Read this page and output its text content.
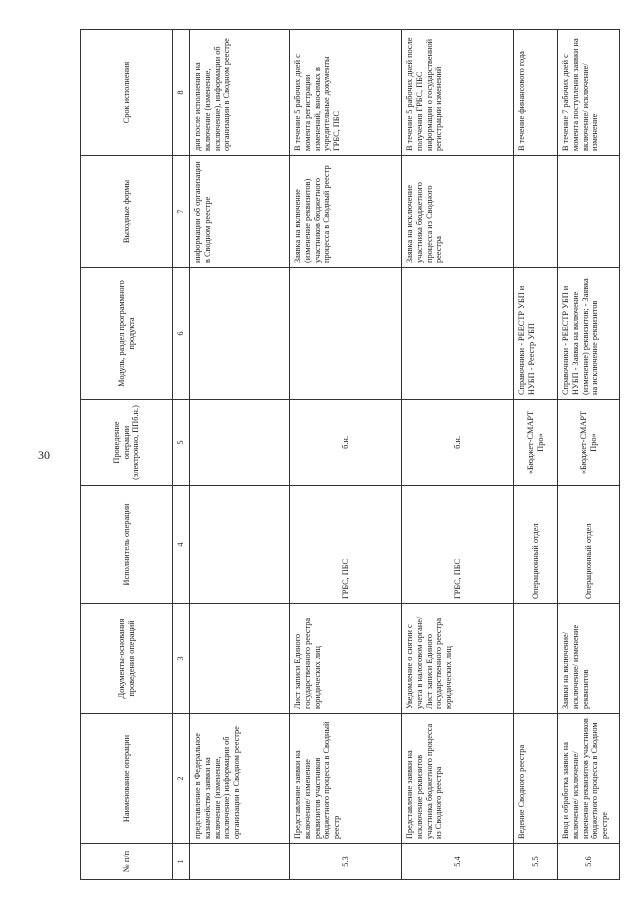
30
№ п/п	Наименование операции	Документы-основания проведения операций	Исполнитель операции	Проведение операции (электронно, ППб.н.)	Модуль, раздел программного продукта	Выходные формы	Срок исполнения
1	2	3	4	5	6	7	8
	представление в Федеральное казначейство заявки на включение (изменение, исключение) информации об организации в Сводном реестре					информации об организации в Сводном реестре	дня после исполнения на включение (изменение, исключение), информации об организации в Сводном реестре
5.3	Представление заявки на включение/ изменение реквизитов участников бюджетного процесса в Сводный реестр	Лист записи Единого государственного реестра юридических лиц	ГРБС, ПБС	б.н.		Заявка на включение (изменение реквизитов) участников бюджетного процесса в Сводный реестр	В течение 5 рабочих дней с момента регистрации изменений, вносимых в учредительные документы ГРБС, ПБС
5.4	Представление заявки на исключение реквизитов участника бюджетного процесса из Сводного реестра	Уведомление о снятии с учета в налоговом органе/ Лист записи Единого государственного реестра юридических лиц	ГРБС, ПБС	б.н.		Заявка на исключение участника бюджетного процесса из Сводного реестра	В течение 5 рабочих дней после получения ГРБС, ПБС информации о государственной регистрации изменений
5.5	Ведение Сводного реестра		Операционный отдел	«Бюджет-СМАРТ Про»	Справочники - РЕЕСТР УБП и НУБП - Реестр УБП		В течение финансового года
5.6	Ввод и обработка заявок на включение/ исключение/ изменение реквизитов участников бюджетного процесса в Сводном реестре	Заявки на включение/ исключение/ изменение реквизитов	Операционный отдел	«Бюджет-СМАРТ Про»	Справочники - РЕЕСТР УБП и НУБП - Заявка на включение (изменение) реквизитов; - Заявка на исключение реквизитов		В течение 7 рабочих дней с момента поступления заявки на включение/ исключение/ изменение
